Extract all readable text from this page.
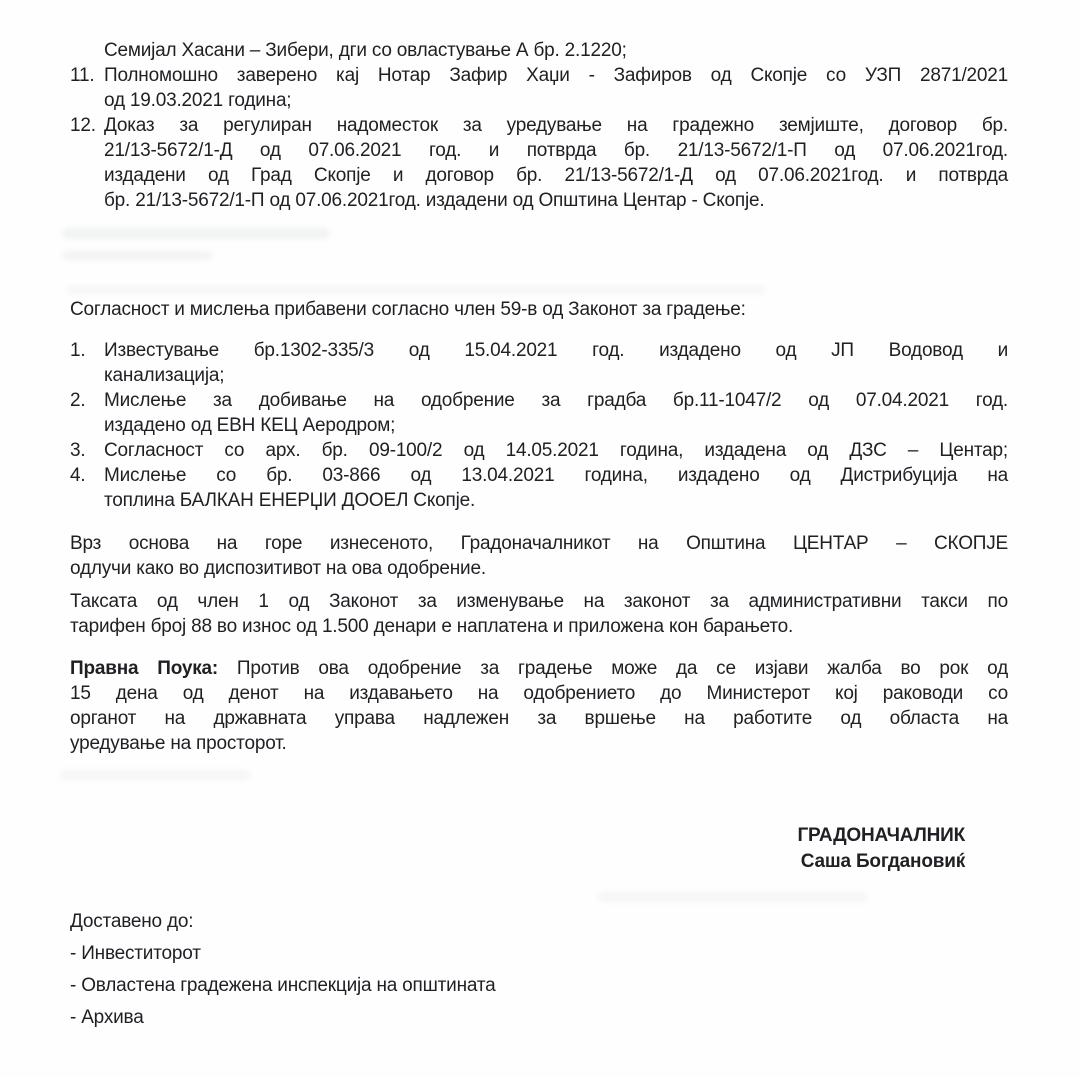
Семијал Хасани – Зибери, дги со овластување А бр. 2.1220;
11. Полномошно заверено кај Нотар Зафир Хаџи - Зафиров од Скопје со УЗП 2871/2021
од 19.03.2021 година;
12. Доказ за регулиран надоместок за уредување на градежно земјиште, договор бр.
21/13-5672/1-Д од 07.06.2021 год. и потврда бр. 21/13-5672/1-П од 07.06.2021год.
издадени од Град Скопје и договор бр. 21/13-5672/1-Д од 07.06.2021год. и потврда
бр. 21/13-5672/1-П од 07.06.2021год. издадени од Општина Центар - Скопје.
Согласност и мислења прибавени согласно член 59-в од Законот за градење:
1. Известување бр.1302-335/3 од 15.04.2021 год. издадено од ЈП Водовод и
канализација;
2. Мислење за добивање на одобрение за градба бр.11-1047/2 од 07.04.2021 год.
издадено од ЕВН КЕЦ Аеродром;
3. Согласност со арх. бр. 09-100/2 од 14.05.2021 година, издадена од ДЗС – Центар;
4. Мислење со бр. 03-866 од 13.04.2021 година, издадено од Дистрибуција на
топлина БАЛКАН ЕНЕРЏИ ДООЕЛ Скопје.
Врз основа на горе изнесеното, Градоначалникот на Општина ЦЕНТАР – СКОПЈЕ
одлучи како во диспозитивот на ова одобрение.
Таксата од член 1 од Законот за изменување на законот за административни такси по
тарифен број 88 во износ од 1.500 денари е наплатена и приложена кон барањето.
Правна Поука: Против ова одобрение за градење може да се изјави жалба во рок од
15 дена од денот на издавањето на одобрението до Министерот кој раководи со
органот на државната управа надлежен за вршење на работите од областа на
уредување на просторот.
ГРАДОНАЧАЛНИК
Саша Богдановиќ
Доставено до:
- Инвеститорот
- Овластена градежена инспекција на општината
- Архива
